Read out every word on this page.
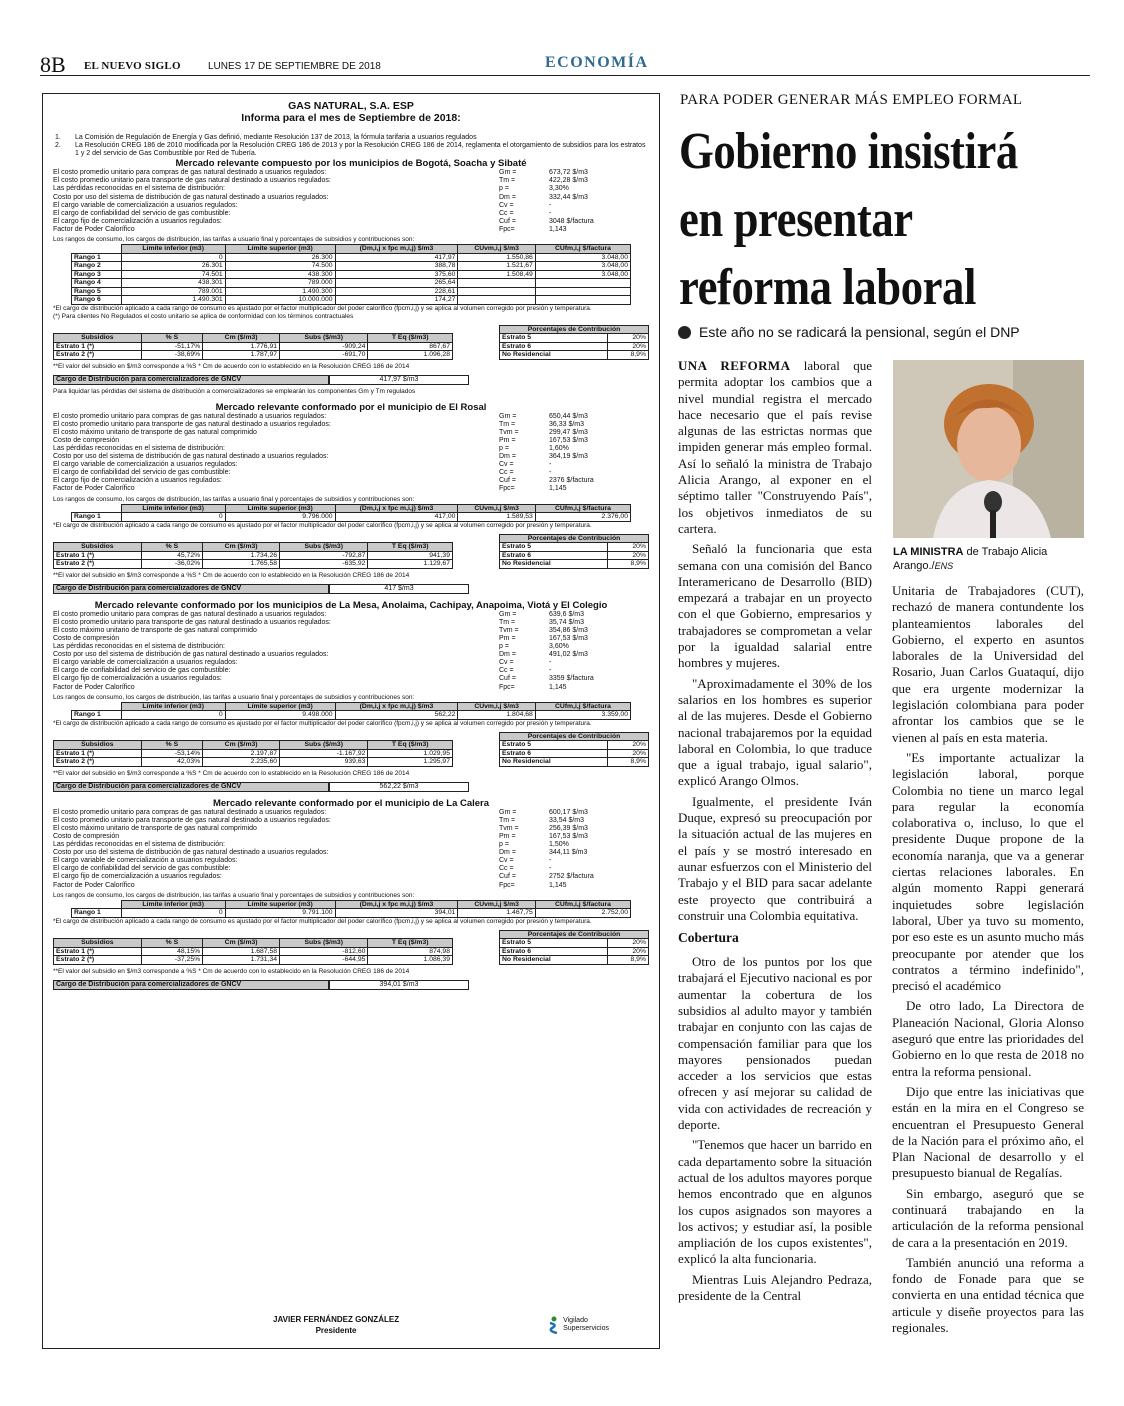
8B EL NUEVO SIGLO	LUNES 17 DE SEPTIEMBRE DE 2018	ECONOMÍA
GAS NATURAL, S.A. ESP
Informa para el mes de Septiembre de 2018:
1.	La Comisión de Regulación de Energía y Gas definió, mediante Resolución 137 de 2013, la fórmula tarifaria a usuarios regulados
2.	La Resolución CREG 186 de 2010 modificada por la Resolución CREG 186 de 2013 y por la Resolución CREG 186 de 2014, reglamenta el otorgamiento de subsidios para los estratos 1 y 2 del servicio de Gas Combustible por Red de Tubería.
Mercado relevante compuesto por los municipios de Bogotá, Soacha y Sibaté
El costo promedio unitario para compras de gas natural destinado a usuarios regulados:	Gm =	673,72 $/m3
El costo promedio unitario para transporte de gas natural destinado a usuarios regulados:	Tm =	422,28 $/m3
Las pérdidas reconocidas en el sistema de distribución:	p =	3,30%
Costo por uso del sistema de distribución de gas natural destinado a usuarios regulados:	Dm =	332,44 $/m3
El cargo variable de comercialización a usuarios regulados:	Cv =	-
El cargo de confiabilidad del servicio de gas combustible:	Cc =	-
El cargo fijo de comercialización a usuarios regulados:	Cuf =	3048 $/factura
Factor de Poder Calorífico	Fpc=	1,143
Los rangos de consumo, los cargos de distribución, las tarifas a usuario final y porcentajes de subsidios y contribuciones son:
	Límite inferior (m3)	Límite superior (m3)	(Dm,i,j x fpc m,i,j) $/m3	CUvm,i,j $/m3	CUfm,i,j $/factura
Rango 1	0	26.300	417,97	1.550,86	3.048,00
Rango 2	26.301	74.500	388,78	1.521,67	3.048,00
Rango 3	74.501	438.300	375,60	1.508,49	3.048,00
Rango 4	438.301	789.000	265,64		
Rango 5	789.001	1.490.300	228,61		
Rango 6	1.490.301	10.000.000	174,27		
*El cargo de distribución aplicado a cada rango de consumo es ajustado por el factor multiplicador del poder calorífico (fpcm,i,j) y se aplica al volumen corregido por presión y temperatura.
(*) Para clientes No Regulados el costo unitario se aplica de conformidad con los términos contractuales
Subsidios	% S	Cm ($/m3)	Subs ($/m3)	T Eq ($/m3)
Estrato 1 (*)	-51,17%	1.776,91	-909,24	867,67
Estrato 2 (*)	-38,69%	1.787,97	-691,70	1.096,28
Porcentajes de Contribución	
Estrato 5	20%
Estrato 6	20%
No Residencial	8,9%
**El valor del subsidio en $/m3 corresponde a %S * Cm de acuerdo con lo establecido en la Resolución CREG 186 de 2014
Cargo de Distribución para comercializadores de GNCV	417,97 $/m3
Para liquidar las pérdidas del sistema de distribución a comercializadores se emplearán los componentes Gm y Tm regulados
Mercado relevante conformado por el municipio de El Rosal
El costo promedio unitario para compras de gas natural destinado a usuarios regulados:	Gm =	650,44 $/m3
El costo promedio unitario para transporte de gas natural destinado a usuarios regulados:	Tm =	36,33 $/m3
El costo máximo unitario de transporte de gas natural comprimido	Tvm =	299,47 $/m3
Costo de compresión	Pm =	167,53 $/m3
Las pérdidas reconocidas en el sistema de distribución:	p =	1,60%
Costo por uso del sistema de distribución de gas natural destinado a usuarios regulados:	Dm =	364,19 $/m3
El cargo variable de comercialización a usuarios regulados:	Cv =	-
El cargo de confiabilidad del servicio de gas combustible:	Cc =	-
El cargo fijo de comercialización a usuarios regulados:	Cuf =	2376 $/factura
Factor de Poder Calorífico	Fpc=	1,145
Los rangos de consumo, los cargos de distribución, las tarifas a usuario final y porcentajes de subsidios y contribuciones son:
	Límite inferior (m3)	Límite superior (m3)	(Dm,i,j x fpc m,i,j) $/m3	CUvm,i,j $/m3	CUfm,i,j $/factura
Rango 1	0	9.796.000	417,00	1.589,53	2.376,00
*El cargo de distribución aplicado a cada rango de consumo es ajustado por el factor multiplicador del poder calorífico (fpcm,i,j) y se aplica al volumen corregido por presión y temperatura.
Subsidios	% S	Cm ($/m3)	Subs ($/m3)	T Eq ($/m3)
Estrato 1 (*)	45,72%	1.734,26	-792,87	941,39
Estrato 2 (*)	-36,02%	1.765,58	-635,92	1.129,67
Porcentajes de Contribución	
Estrato 5	20%
Estrato 6	20%
No Residencial	8,9%
**El valor del subsidio en $/m3 corresponde a %S * Cm de acuerdo con lo establecido en la Resolución CREG 186 de 2014
Cargo de Distribución para comercializadores de GNCV	417 $/m3
Mercado relevante conformado por los municipios de La Mesa, Anolaima, Cachipay, Anapoima, Viotá y El Colegio
El costo promedio unitario para compras de gas natural destinado a usuarios regulados:	Gm =	639,6 $/m3
El costo promedio unitario para transporte de gas natural destinado a usuarios regulados:	Tm =	35,74 $/m3
El costo máximo unitario de transporte de gas natural comprimido	Tvm =	354,86 $/m3
Costo de compresión	Pm =	167,53 $/m3
Las pérdidas reconocidas en el sistema de distribución:	p =	3,60%
Costo por uso del sistema de distribución de gas natural destinado a usuarios regulados:	Dm =	491,02 $/m3
El cargo variable de comercialización a usuarios regulados:	Cv =	-
El cargo de confiabilidad del servicio de gas combustible:	Cc =	-
El cargo fijo de comercialización a usuarios regulados:	Cuf =	3359 $/factura
Factor de Poder Calorífico	Fpc=	1,145
Los rangos de consumo, los cargos de distribución, las tarifas a usuario final y porcentajes de subsidios y contribuciones son:
	Límite inferior (m3)	Límite superior (m3)	(Dm,i,j x fpc m,i,j) $/m3	CUvm,i,j $/m3	CUfm,i,j $/factura
Rango 1	0	9.498.000	562,22	1.804,68	3.359,00
*El cargo de distribución aplicado a cada rango de consumo es ajustado por el factor multiplicador del poder calorífico (fpcm,i,j) y se aplica al volumen corregido por presión y temperatura.
Subsidios	% S	Cm ($/m3)	Subs ($/m3)	T Eq ($/m3)
Estrato 1 (*)	-53,14%	2.197,87	-1.167,92	1.029,95
Estrato 2 (*)	42,03%	2.235,60	939,63	1.295,97
Porcentajes de Contribución	
Estrato 5	20%
Estrato 6	20%
No Residencial	8,9%
**El valor del subsidio en $/m3 corresponde a %S * Cm de acuerdo con lo establecido en la Resolución CREG 186 de 2014
Cargo de Distribución para comercializadores de GNCV	562,22 $/m3
Mercado relevante conformado por el municipio de La Calera
El costo promedio unitario para compras de gas natural destinado a usuarios regulados:	Gm =	600,17 $/m3
El costo promedio unitario para transporte de gas natural destinado a usuarios regulados:	Tm =	33,54 $/m3
El costo máximo unitario de transporte de gas natural comprimido	Tvm =	256,39 $/m3
Costo de compresión	Pm =	167,53 $/m3
Las pérdidas reconocidas en el sistema de distribución:	p =	1,50%
Costo por uso del sistema de distribución de gas natural destinado a usuarios regulados:	Dm =	344,11 $/m3
El cargo variable de comercialización a usuarios regulados:	Cv =	-
El cargo de confiabilidad del servicio de gas combustible:	Cc =	-
El cargo fijo de comercialización a usuarios regulados:	Cuf =	2752 $/factura
Factor de Poder Calorífico	Fpc=	1,145
Los rangos de consumo, los cargos de distribución, las tarifas a usuario final y porcentajes de subsidios y contribuciones son:
	Límite inferior (m3)	Límite superior (m3)	(Dm,i,j x fpc m,i,j) $/m3	CUvm,i,j $/m3	CUfm,i,j $/factura
Rango 1	0	9.791.100	394,01	1.467,75	2.752,00
*El cargo de distribución aplicado a cada rango de consumo es ajustado por el factor multiplicador del poder calorífico (fpcm,i,j) y se aplica al volumen corregido por presión y temperatura.
Subsidios	% S	Cm ($/m3)	Subs ($/m3)	T Eq ($/m3)
Estrato 1 (*)	48,15%	1.687,58	-812,60	874,98
Estrato 2 (*)	-37,25%	1.731,34	-644,95	1.086,39
Porcentajes de Contribución	
Estrato 5	20%
Estrato 6	20%
No Residencial	8,9%
**El valor del subsidio en $/m3 corresponde a %S * Cm de acuerdo con lo establecido en la Resolución CREG 186 de 2014
Cargo de Distribución para comercializadores de GNCV	394,01 $/m3
JAVIER FERNÁNDEZ GONZÁLEZ
Presidente
Vigilado
Superservicios
PARA PODER GENERAR MÁS EMPLEO FORMAL
Gobierno insistirá en presentar reforma laboral
Este año no se radicará la pensional, según el DNP

UNA REFORMA laboral que permita adoptar los cambios que a nivel mundial registra el mercado hace necesario que el país revise algunas de las estrictas normas que impiden generar más empleo formal. Así lo señaló la ministra de Trabajo Alicia Arango, al exponer en el séptimo taller "Construyendo País", los objetivos inmediatos de su cartera.

Señaló la funcionaria que esta semana con una comisión del Banco Interamericano de Desarrollo (BID) empezará a trabajar en un proyecto con el que Gobierno, empresarios y trabajadores se comprometan a velar por la igualdad salarial entre hombres y mujeres.

"Aproximadamente el 30% de los salarios en los hombres es superior al de las mujeres. Desde el Gobierno nacional trabajaremos por la equidad laboral en Colombia, lo que traduce que a igual trabajo, igual salario", explicó Arango Olmos.

Igualmente, el presidente Iván Duque, expresó su preocupación por la situación actual de las mujeres en el país y se mostró interesado en aunar esfuerzos con el Ministerio del Trabajo y el BID para sacar adelante este proyecto que contribuirá a construir una Colombia equitativa.

Cobertura

Otro de los puntos por los que trabajará el Ejecutivo nacional es por aumentar la cobertura de los subsidios al adulto mayor y también trabajar en conjunto con las cajas de compensación familiar para que los mayores pensionados puedan acceder a los servicios que estas ofrecen y así mejorar su calidad de vida con actividades de recreación y deporte.

"Tenemos que hacer un barrido en cada departamento sobre la situación actual de los adultos mayores porque hemos encontrado que en algunos los cupos asignados son mayores a los activos; y estudiar así, la posible ampliación de los cupos existentes", explicó la alta funcionaria.

Mientras Luis Alejandro Pedraza, presidente de la Central

LA MINISTRA de Trabajo Alicia Arango./ENS

Unitaria de Trabajadores (CUT), rechazó de manera contundente los planteamientos laborales del Gobierno, el experto en asuntos laborales de la Universidad del Rosario, Juan Carlos Guataquí, dijo que era urgente modernizar la legislación colombiana para poder afrontar los cambios que se le vienen al país en esta materia.

"Es importante actualizar la legislación laboral, porque Colombia no tiene un marco legal para regular la economía colaborativa o, incluso, lo que el presidente Duque propone de la economía naranja, que va a generar ciertas relaciones laborales. En algún momento Rappi generará inquietudes sobre legislación laboral, Uber ya tuvo su momento, por eso este es un asunto mucho más preocupante por atender que los contratos a término indefinido", precisó el académico

De otro lado, La Directora de Planeación Nacional, Gloria Alonso aseguró que entre las prioridades del Gobierno en lo que resta de 2018 no entra la reforma pensional.

Dijo que entre las iniciativas que están en la mira en el Congreso se encuentran el Presupuesto General de la Nación para el próximo año, el Plan Nacional de desarrollo y el presupuesto bianual de Regalías.

Sin embargo, aseguró que se continuará trabajando en la articulación de la reforma pensional de cara a la presentación en 2019.

También anunció una reforma a fondo de Fonade para que se convierta en una entidad técnica que articule y diseñe proyectos para las regionales.
